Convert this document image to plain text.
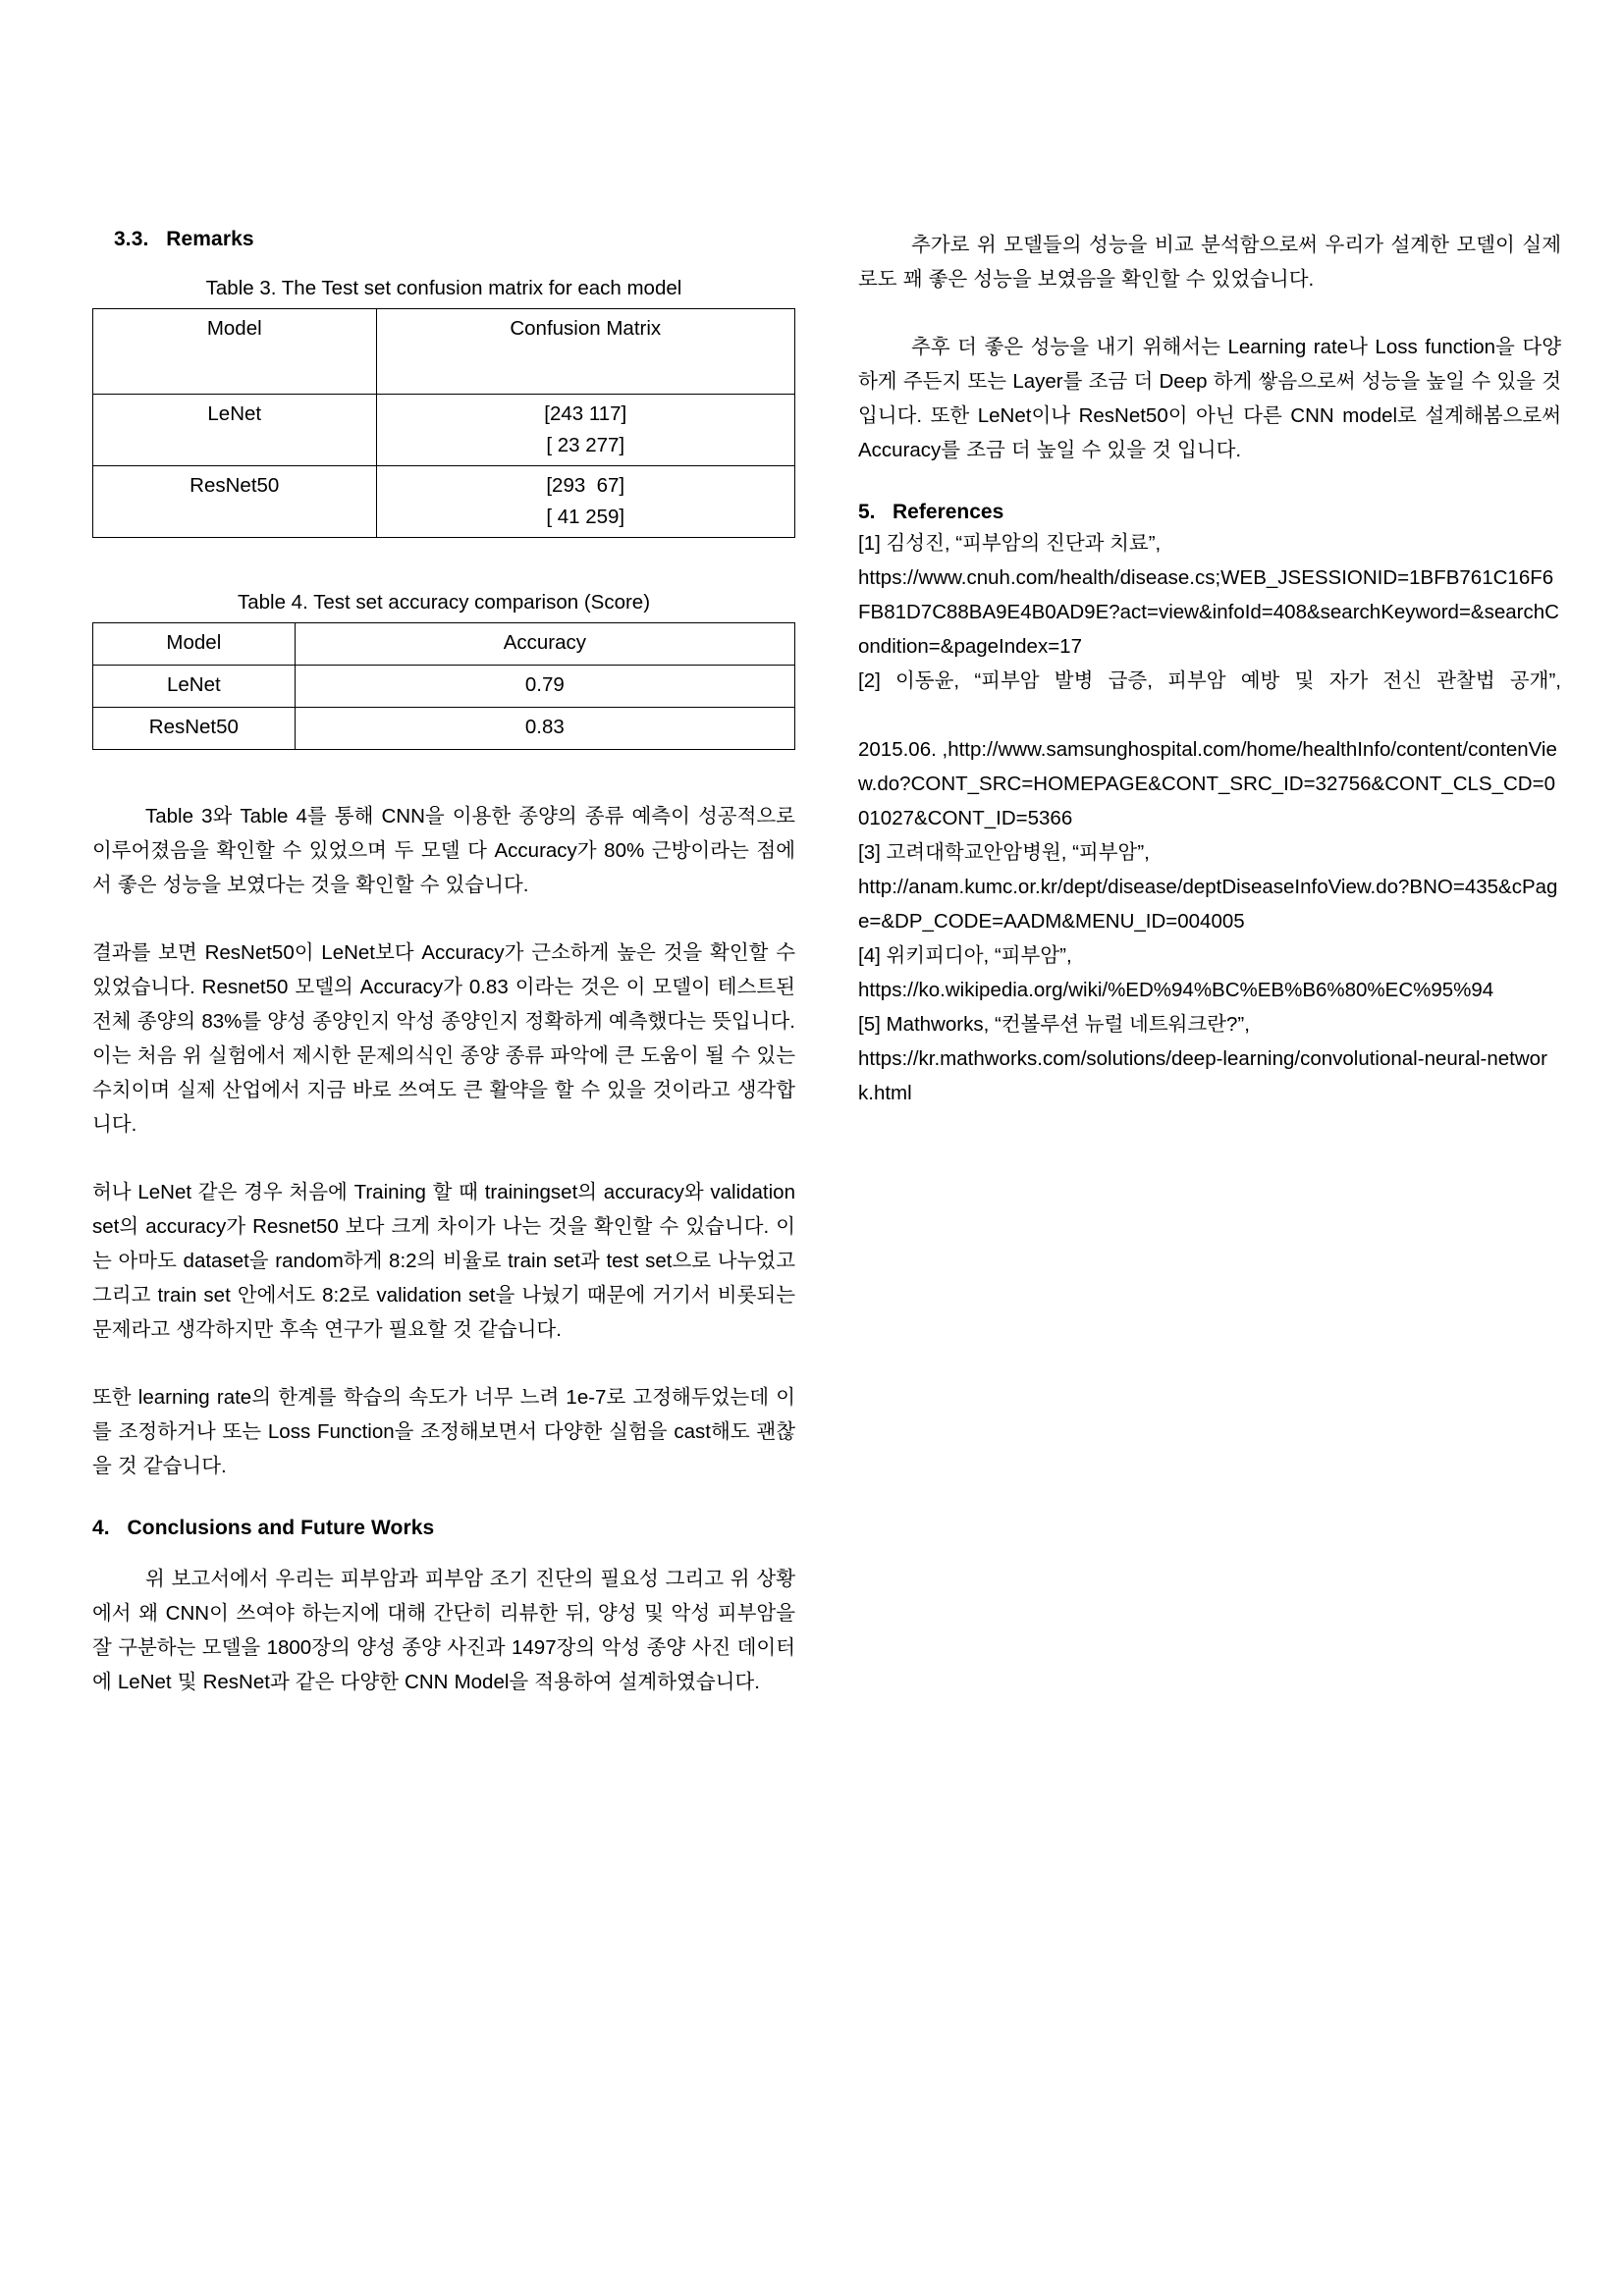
3.3.   Remarks
Table 3. The Test set confusion matrix for each model
Model	Confusion Matrix
LeNet	[243 117]
[ 23 277]

ResNet50	[293  67]
[ 41 259]
Table 4. Test set accuracy comparison (Score)
Model	Accuracy
LeNet	0.79
ResNet50	0.83

Table 3와 Table 4를 통해 CNN을 이용한 종양의 종류 예측이 성공적으로 이루어졌음을 확인할 수 있었으며 두 모델 다 Accuracy가 80% 근방이라는 점에서 좋은 성능을 보였다는 것을 확인할 수 있습니다.

결과를 보면 ResNet50이 LeNet보다 Accuracy가 근소하게 높은 것을 확인할 수 있었습니다. Resnet50 모델의 Accuracy가 0.83 이라는 것은 이 모델이 테스트된 전체 종양의 83%를 양성 종양인지 악성 종양인지 정확하게 예측했다는 뜻입니다. 이는 처음 위 실험에서 제시한 문제의식인 종양 종류 파악에 큰 도움이 될 수 있는 수치이며 실제 산업에서 지금 바로 쓰여도 큰 활약을 할 수 있을 것이라고 생각합니다.

허나 LeNet 같은 경우 처음에 Training 할 때 trainingset의 accuracy와 validation set의 accuracy가 Resnet50 보다 크게 차이가 나는 것을 확인할 수 있습니다. 이는 아마도 dataset을 random하게 8:2의 비율로 train set과 test set으로 나누었고 그리고 train set 안에서도 8:2로 validation set을 나눴기 때문에 거기서 비롯되는 문제라고 생각하지만 후속 연구가 필요할 것 같습니다.

또한 learning rate의 한계를 학습의 속도가 너무 느려 1e-7로 고정해두었는데 이를 조정하거나 또는 Loss Function을 조정해보면서 다양한 실험을 cast해도 괜찮을 것 같습니다.

4.   Conclusions and Future Works

위 보고서에서 우리는 피부암과 피부암 조기 진단의 필요성 그리고 위 상황에서 왜 CNN이 쓰여야 하는지에 대해 간단히 리뷰한 뒤, 양성 및 악성 피부암을 잘 구분하는 모델을 1800장의 양성 종양 사진과 1497장의 악성 종양 사진 데이터에 LeNet 및 ResNet과 같은 다양한 CNN Model을 적용하여 설계하였습니다.

추가로 위 모델들의 성능을 비교 분석함으로써 우리가 설계한 모델이 실제로도 꽤 좋은 성능을 보였음을 확인할 수 있었습니다.

추후 더 좋은 성능을 내기 위해서는 Learning rate나 Loss function을 다양하게 주든지 또는 Layer를 조금 더 Deep 하게 쌓음으로써 성능을 높일 수 있을 것입니다. 또한 LeNet이나 ResNet50이 아닌 다른 CNN model로 설계해봄으로써 Accuracy를 조금 더 높일 수 있을 것 입니다.

5.   References

[1] 김성진, “피부암의 진단과 치료”,

https://www.cnuh.com/health/disease.cs;WEB_JSESSIONID=1BFB761C16F6FB81D7C88BA9E4B0AD9E?act=view&infoId=408&searchKeyword=&searchCondition=&pageIndex=17

[2] 이동윤, “피부암 발병 급증, 피부암 예방 및 자가 전신 관찰법 공개”,

2015.06. ,http://www.samsunghospital.com/home/healthInfo/content/contenView.do?CONT_SRC=HOMEPAGE&CONT_SRC_ID=32756&CONT_CLS_CD=001027&CONT_ID=5366

[3] 고려대학교안암병원, “피부암”,

http://anam.kumc.or.kr/dept/disease/deptDiseaseInfoView.do?BNO=435&cPage=&DP_CODE=AADM&MENU_ID=004005

[4] 위키피디아, “피부암”,

https://ko.wikipedia.org/wiki/%ED%94%BC%EB%B6%80%EC%95%94

[5] Mathworks, “컨볼루션 뉴럴 네트워크란?”,

https://kr.mathworks.com/solutions/deep-learning/convolutional-neural-network.html
